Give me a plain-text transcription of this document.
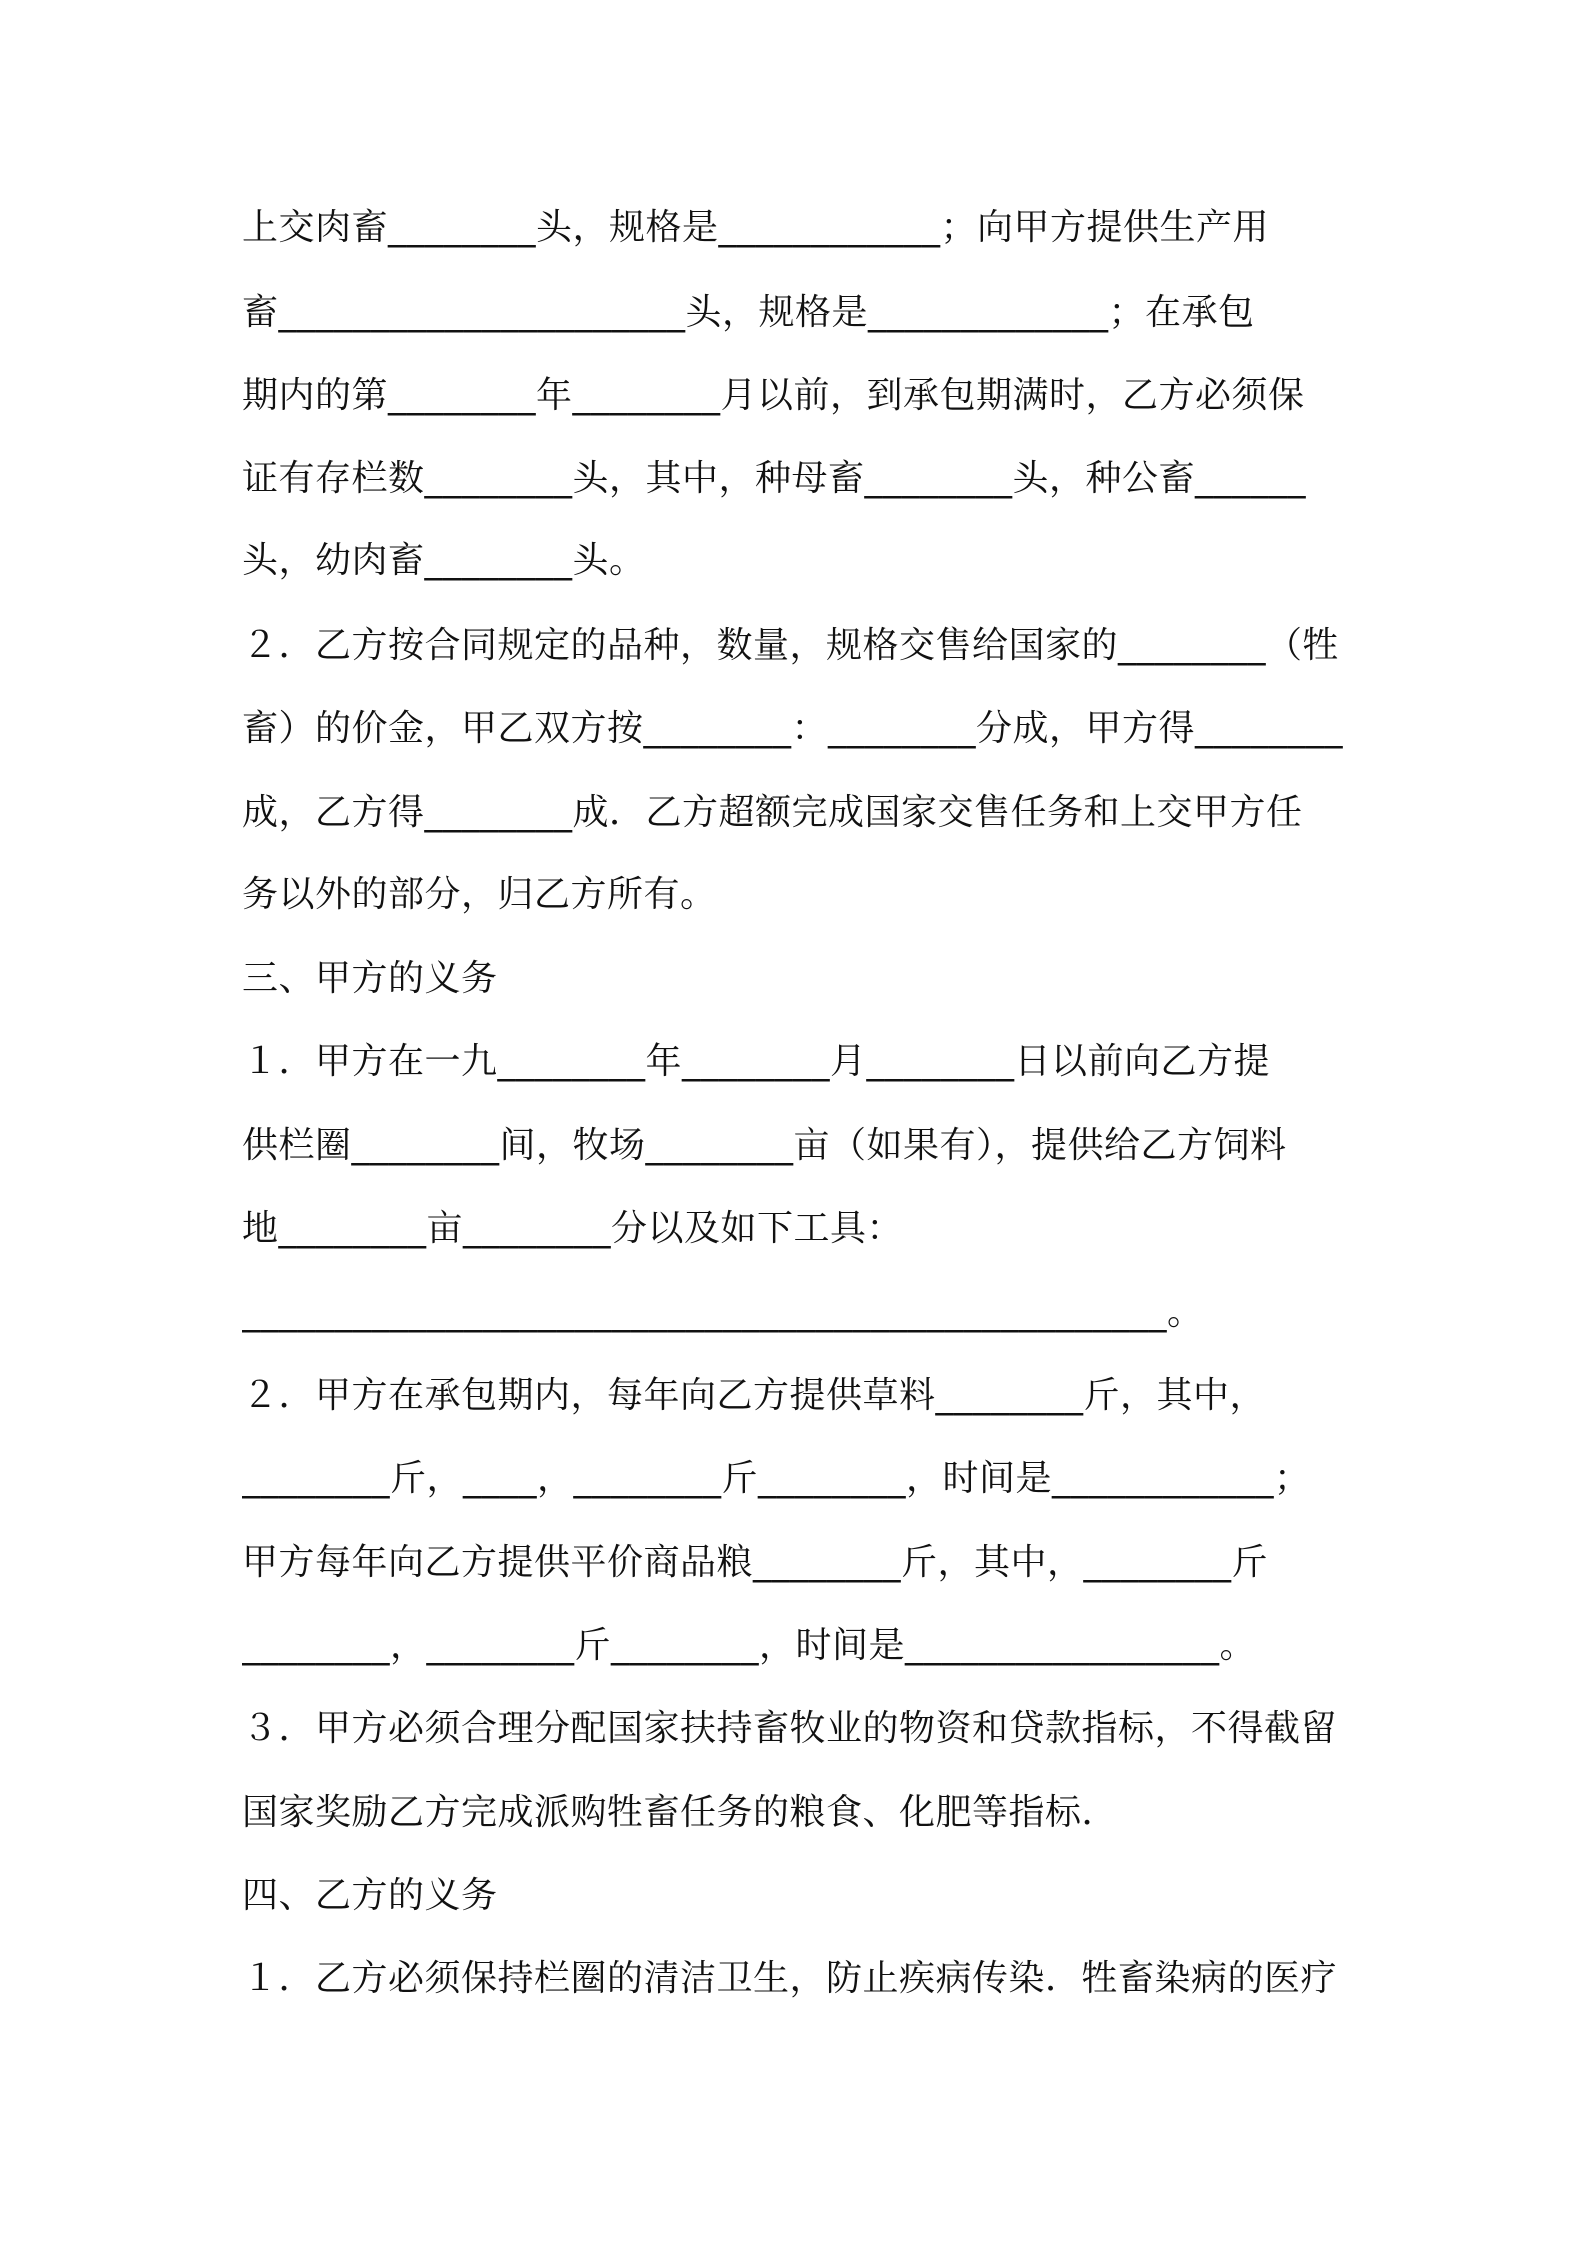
上交肉畜________头，规格是____________；向甲方提供生产用
畜______________________头，规格是_____________；在承包
期内的第________年________月以前，到承包期满时，乙方必须保
证有存栏数________头，其中，种母畜________头，种公畜______
头，幼肉畜________头。
２．乙方按合同规定的品种，数量，规格交售给国家的________（牲
畜）的价金，甲乙双方按________：________分成，甲方得________
成，乙方得________成．乙方超额完成国家交售任务和上交甲方任
务以外的部分，归乙方所有。
三、甲方的义务
１．甲方在一九________年________月________日以前向乙方提
供栏圈________间，牧场________亩（如果有），提供给乙方饲料
地________亩________分以及如下工具：
__________________________________________________。
２．甲方在承包期内，每年向乙方提供草料________斤，其中，
________斤，____，________斤________，时间是____________；
甲方每年向乙方提供平价商品粮________斤，其中，________斤
________，________斤________，时间是_________________。
３．甲方必须合理分配国家扶持畜牧业的物资和贷款指标，不得截留
国家奖励乙方完成派购牲畜任务的粮食、化肥等指标．
四、乙方的义务
１．乙方必须保持栏圈的清洁卫生，防止疾病传染．牲畜染病的医疗
